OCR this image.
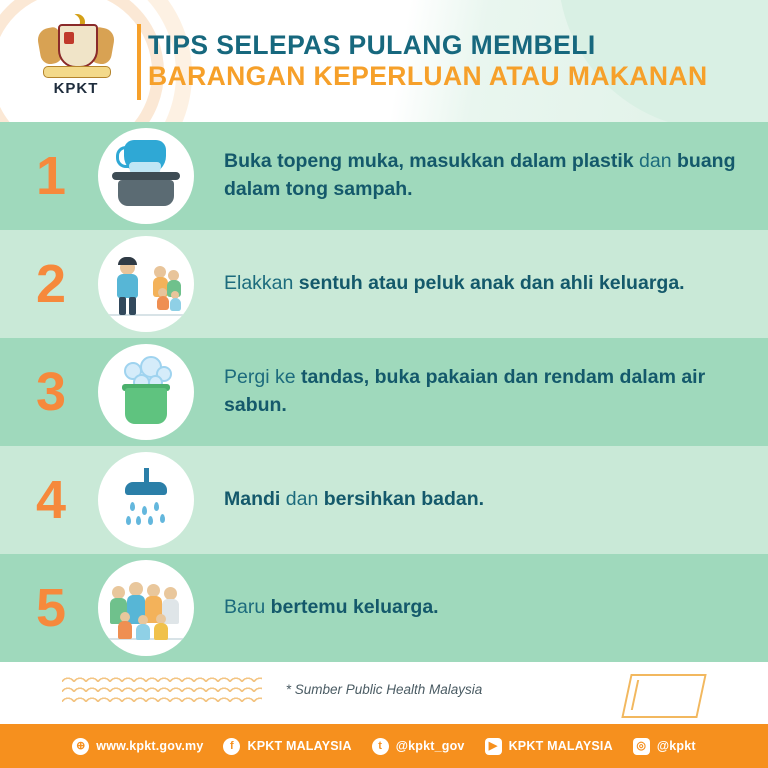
KPKT
TIPS SELEPAS PULANG MEMBELI
BARANGAN KEPERLUAN ATAU MAKANAN
1	Buka topeng muka, masukkan dalam plastik dan buang dalam tong sampah.
2	Elakkan sentuh atau peluk anak dan ahli keluarga.
3	Pergi ke tandas, buka pakaian dan rendam dalam air sabun.
4	Mandi dan bersihkan badan.
5	Baru bertemu keluarga.
* Sumber Public Health Malaysia
⊕ www.kpkt.gov.my	f	KPKT MALAYSIA	t	@kpkt_gov	▶ KPKT MALAYSIA	◎ @kpkt
